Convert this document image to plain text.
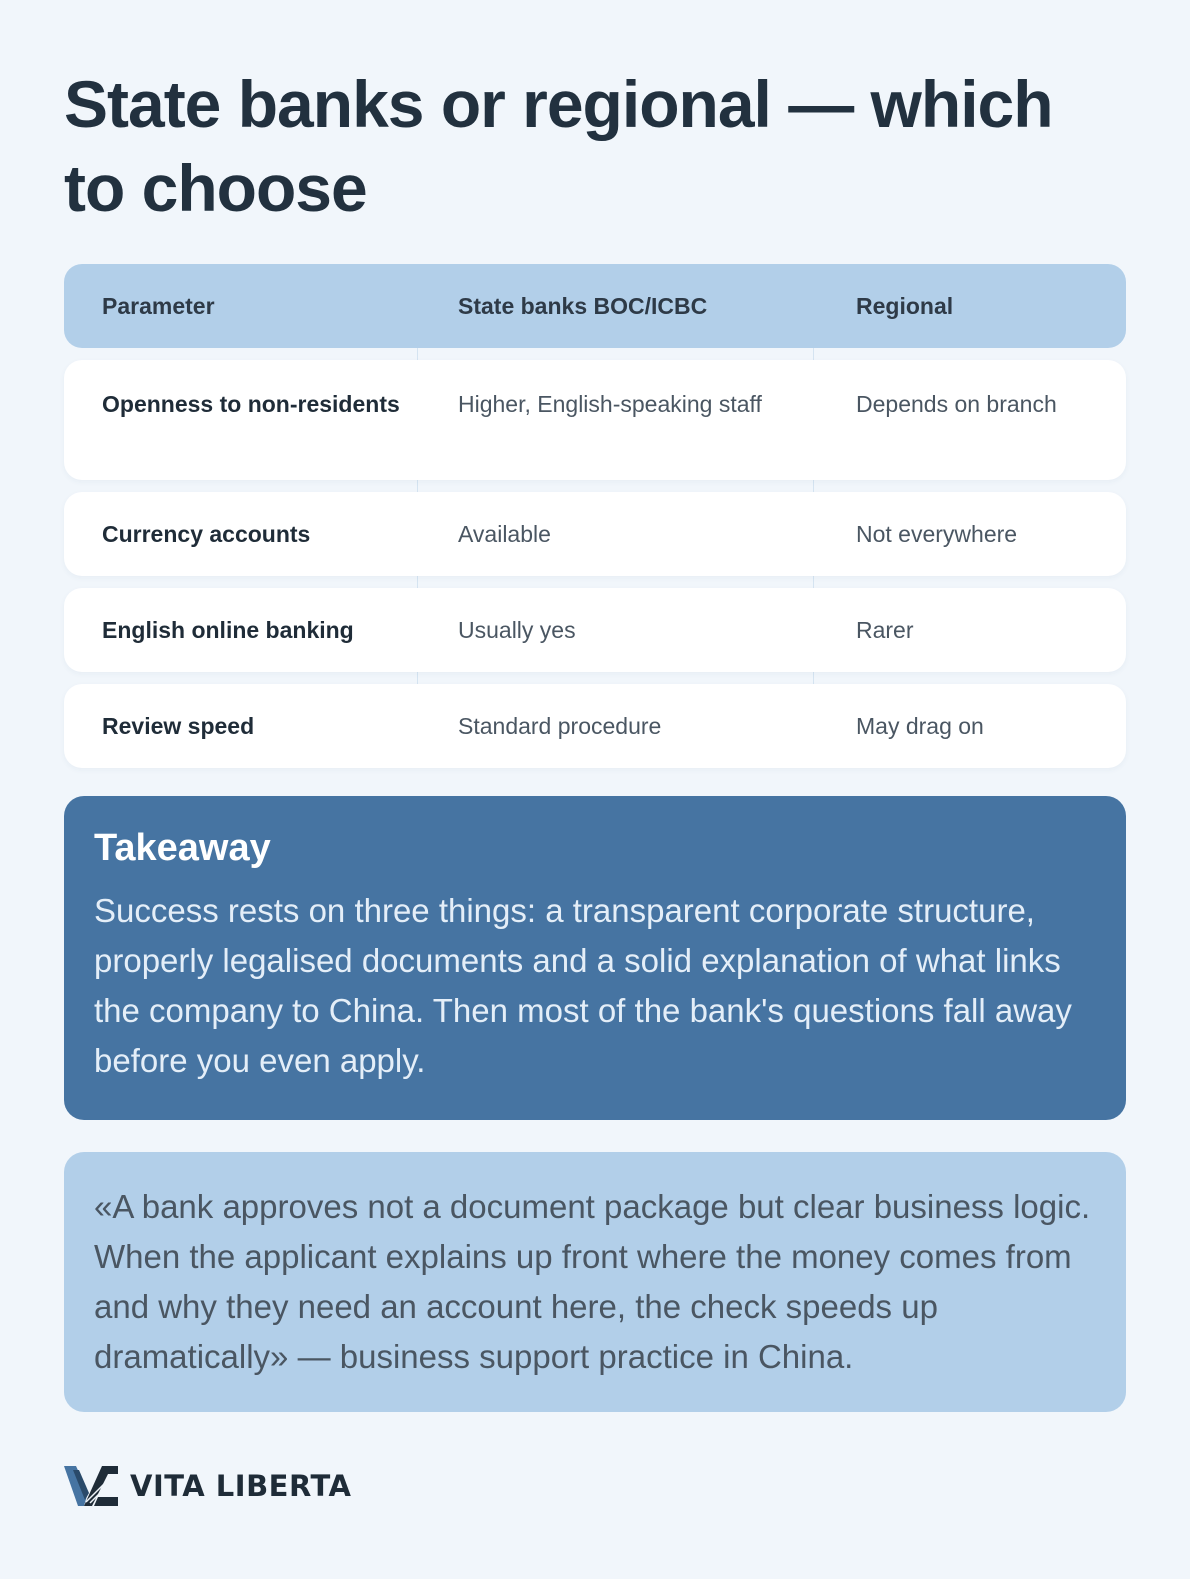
State banks or regional — which to choose
Parameter	State banks BOC/ICBC	Regional
Openness to non-residents	Higher, English-speaking staff	Depends on branch
Currency accounts	Available	Not everywhere
English online banking	Usually yes	Rarer
Review speed	Standard procedure	May drag on
Takeaway

Success rests on three things: a transparent corporate structure, properly legalised documents and a solid explanation of what links the company to China. Then most of the bank's questions fall away before you even apply.

«A bank approves not a document package but clear business logic. When the applicant explains up front where the money comes from and why they need an account here, the check speeds up dramatically» — business support practice in China.

VITA LIBERTA
